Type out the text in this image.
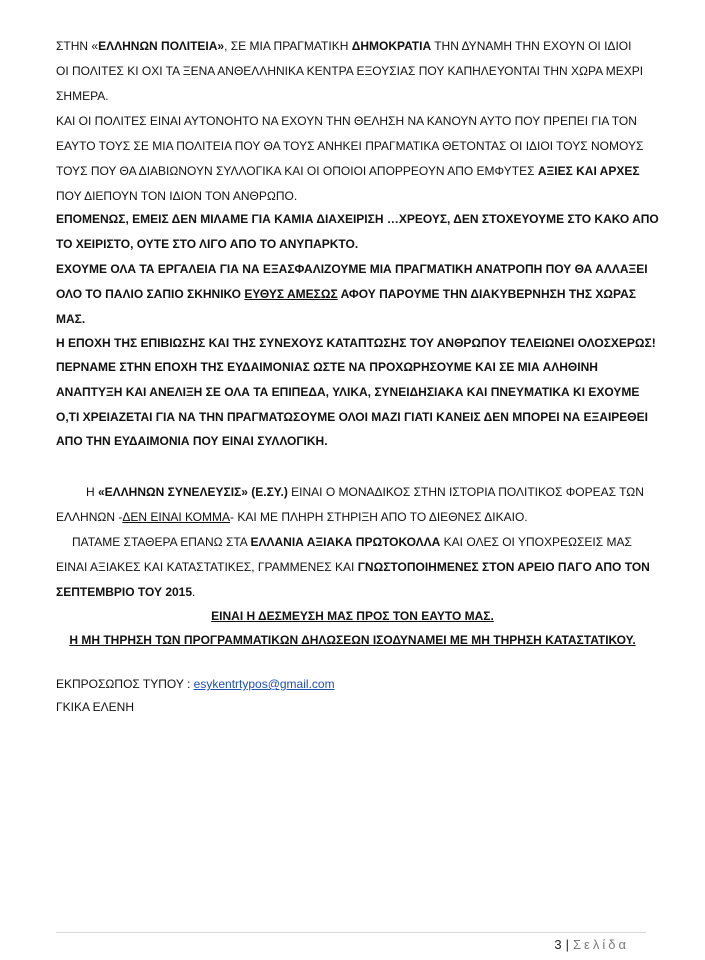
ΣΤΗΝ «ΕΛΛΗΝΩΝ ΠΟΛΙΤΕΙΑ», ΣΕ ΜΙΑ ΠΡΑΓΜΑΤΙΚΗ ΔΗΜΟΚΡΑΤΙΑ ΤΗΝ ΔΥΝΑΜΗ ΤΗΝ ΕΧΟΥΝ ΟΙ ΙΔΙΟΙ
ΟΙ ΠΟΛΙΤΕΣ ΚΙ ΟΧΙ ΤΑ ΞΕΝΑ ΑΝΘΕΛΛΗΝΙΚΑ ΚΕΝΤΡΑ ΕΞΟΥΣΙΑΣ ΠΟΥ ΚΑΠΗΛΕΥΟΝΤΑΙ ΤΗΝ ΧΩΡΑ ΜΕΧΡΙ
ΣΗΜΕΡΑ.
ΚΑΙ ΟΙ ΠΟΛΙΤΕΣ ΕΙΝΑΙ ΑΥΤΟΝΟΗΤΟ ΝΑ ΕΧΟΥΝ ΤΗΝ ΘΕΛΗΣΗ ΝΑ ΚΑΝΟΥΝ ΑΥΤΟ ΠΟΥ ΠΡΕΠΕΙ ΓΙΑ ΤΟΝ
ΕΑΥΤΟ ΤΟΥΣ ΣΕ ΜΙΑ ΠΟΛΙΤΕΙΑ ΠΟΥ ΘΑ ΤΟΥΣ ΑΝΗΚΕΙ ΠΡΑΓΜΑΤΙΚΑ ΘΕΤΟΝΤΑΣ ΟΙ ΙΔΙΟΙ ΤΟΥΣ ΝΟΜΟΥΣ
ΤΟΥΣ ΠΟΥ ΘΑ ΔΙΑΒΙΩΝΟΥΝ ΣΥΛΛΟΓΙΚΑ ΚΑΙ ΟΙ ΟΠΟΙΟΙ ΑΠΟΡΡΕΟΥΝ ΑΠΟ ΕΜΦΥΤΕΣ ΑΞΙΕΣ ΚΑΙ ΑΡΧΕΣ
ΠΟΥ ΔΙΕΠΟΥΝ ΤΟΝ ΙΔΙΟΝ ΤΟΝ ΑΝΘΡΩΠΟ.
ΕΠΟΜΕΝΩΣ, ΕΜΕΙΣ ΔΕΝ ΜΙΛΑΜΕ ΓΙΑ ΚΑΜΙΑ ΔΙΑΧΕΙΡΙΣΗ …ΧΡΕΟΥΣ, ΔΕΝ ΣΤΟΧΕΥΟΥΜΕ ΣΤΟ ΚΑΚΟ ΑΠΟ
ΤΟ ΧΕΙΡΙΣΤΟ, ΟΥΤΕ ΣΤΟ ΛΙΓΟ ΑΠΟ ΤΟ ΑΝΥΠΑΡΚΤΟ.
ΕΧΟΥΜΕ ΟΛΑ ΤΑ ΕΡΓΑΛΕΙΑ ΓΙΑ ΝΑ ΕΞΑΣΦΑΛΙΖΟΥΜΕ ΜΙΑ ΠΡΑΓΜΑΤΙΚΗ ΑΝΑΤΡΟΠΗ ΠΟΥ ΘΑ ΑΛΛΑΞΕΙ
ΟΛΟ ΤΟ ΠΑΛΙΟ ΣΑΠΙΟ ΣΚΗΝΙΚΟ ΕΥΘΥΣ ΑΜΕΣΩΣ ΑΦΟΥ ΠΑΡΟΥΜΕ ΤΗΝ ΔΙΑΚΥΒΕΡΝΗΣΗ ΤΗΣ ΧΩΡΑΣ
ΜΑΣ.
Η ΕΠΟΧΗ ΤΗΣ ΕΠΙΒΙΩΣΗΣ ΚΑΙ ΤΗΣ ΣΥΝΕΧΟΥΣ ΚΑΤΑΠΤΩΣΗΣ ΤΟΥ ΑΝΘΡΩΠΟΥ ΤΕΛΕΙΩΝΕΙ ΟΛΟΣΧΕΡΩΣ!
ΠΕΡΝΑΜΕ ΣΤΗΝ ΕΠΟΧΗ ΤΗΣ ΕΥΔΑΙΜΟΝΙΑΣ ΩΣΤΕ ΝΑ ΠΡΟΧΩΡΗΣΟΥΜΕ ΚΑΙ ΣΕ ΜΙΑ ΑΛΗΘΙΝΗ
ΑΝΑΠΤΥΞΗ ΚΑΙ ΑΝΕΛΙΞΗ ΣΕ ΟΛΑ ΤΑ ΕΠΙΠΕΔΑ, ΥΛΙΚΑ, ΣΥΝΕΙΔΗΣΙΑΚΑ ΚΑΙ ΠΝΕΥΜΑΤΙΚΑ ΚΙ ΕΧΟΥΜΕ
Ο,ΤΙ ΧΡΕΙΑΖΕΤΑΙ ΓΙΑ ΝΑ ΤΗΝ ΠΡΑΓΜΑΤΩΣΟΥΜΕ ΟΛΟΙ ΜΑΖΙ ΓΙΑΤΙ ΚΑΝΕΙΣ ΔΕΝ ΜΠΟΡΕΙ ΝΑ ΕΞΑΙΡΕΘΕΙ
ΑΠΟ ΤΗΝ ΕΥΔΑΙΜΟΝΙΑ ΠΟΥ ΕΙΝΑΙ ΣΥΛΛΟΓΙΚΗ.
Η «ΕΛΛΗΝΩΝ ΣΥΝΕΛΕΥΣΙΣ» (Ε.ΣΥ.) ΕΙΝΑΙ Ο ΜΟΝΑΔΙΚΟΣ ΣΤΗΝ ΙΣΤΟΡΙΑ ΠΟΛΙΤΙΚΟΣ ΦΟΡΕΑΣ ΤΩΝ
ΕΛΛΗΝΩΝ -ΔΕΝ ΕΙΝΑΙ ΚΟΜΜΑ- ΚΑΙ ΜΕ ΠΛΗΡΗ ΣΤΗΡΙΞΗ ΑΠΟ ΤΟ ΔΙΕΘΝΕΣ ΔΙΚΑΙΟ.
ΠΑΤΑΜΕ ΣΤΑΘΕΡΑ ΕΠΑΝΩ ΣΤΑ ΕΛΛΑΝΙΑ ΑΞΙΑΚΑ ΠΡΩΤΟΚΟΛΛΑ ΚΑΙ ΟΛΕΣ ΟΙ ΥΠΟΧΡΕΩΣΕΙΣ ΜΑΣ
ΕΙΝΑΙ ΑΞΙΑΚΕΣ ΚΑΙ ΚΑΤΑΣΤΑΤΙΚΕΣ, ΓΡΑΜΜΕΝΕΣ ΚΑΙ ΓΝΩΣΤΟΠΟΙΗΜΕΝΕΣ ΣΤΟΝ ΑΡΕΙΟ ΠΑΓΟ ΑΠΟ ΤΟΝ
ΣΕΠΤΕΜΒΡΙΟ ΤΟΥ 2015.
ΕΙΝΑΙ Η ΔΕΣΜΕΥΣΗ ΜΑΣ ΠΡΟΣ ΤΟΝ ΕΑΥΤΟ ΜΑΣ.
Η ΜΗ ΤΗΡΗΣΗ ΤΩΝ ΠΡΟΓΡΑΜΜΑΤΙΚΩΝ ΔΗΛΩΣΕΩΝ ΙΣΟΔΥΝΑΜΕΙ ΜΕ ΜΗ ΤΗΡΗΣΗ ΚΑΤΑΣΤΑΤΙΚΟΥ.
ΕΚΠΡΟΣΩΠΟΣ ΤΥΠΟΥ : esykentrtypos@gmail.com
ΓΚΙΚΑ ΕΛΕΝΗ
3 | Σελίδα
